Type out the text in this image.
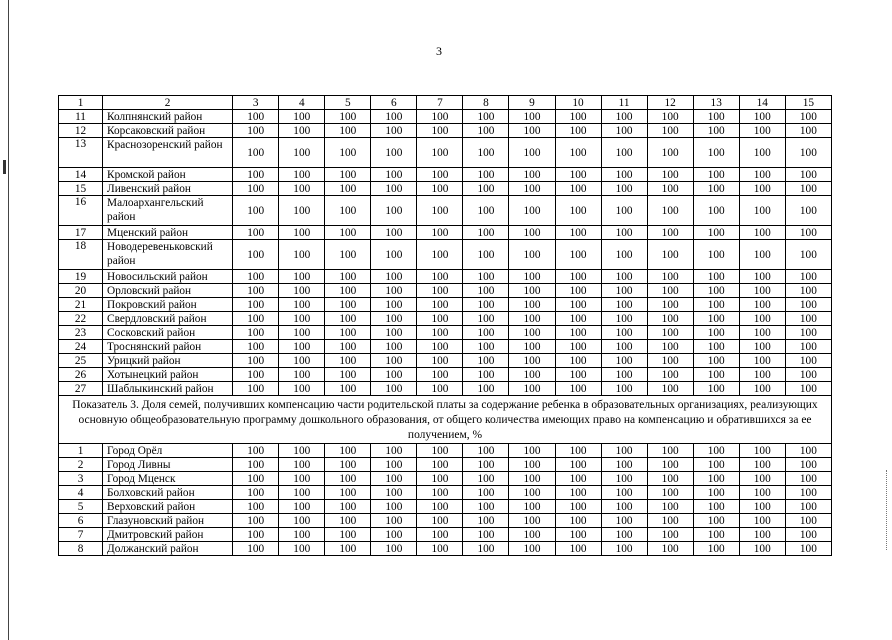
3
1	2	3	4	5	6	7	8	9	10	11	12	13	14	15
11	Колпнянский район	100	100	100	100	100	100	100	100	100	100	100	100	100
12	Корсаковский район	100	100	100	100	100	100	100	100	100	100	100	100	100
13	Краснозоренский район	100	100	100	100	100	100	100	100	100	100	100	100	100
14	Кромской район	100	100	100	100	100	100	100	100	100	100	100	100	100
15	Ливенский район	100	100	100	100	100	100	100	100	100	100	100	100	100
16	Малоархангельский район	100	100	100	100	100	100	100	100	100	100	100	100	100
17	Мценский район	100	100	100	100	100	100	100	100	100	100	100	100	100
18	Новодеревеньковский район	100	100	100	100	100	100	100	100	100	100	100	100	100
19	Новосильский район	100	100	100	100	100	100	100	100	100	100	100	100	100
20	Орловский район	100	100	100	100	100	100	100	100	100	100	100	100	100
21	Покровский район	100	100	100	100	100	100	100	100	100	100	100	100	100
22	Свердловский район	100	100	100	100	100	100	100	100	100	100	100	100	100
23	Сосковский район	100	100	100	100	100	100	100	100	100	100	100	100	100
24	Троснянский район	100	100	100	100	100	100	100	100	100	100	100	100	100
25	Урицкий район	100	100	100	100	100	100	100	100	100	100	100	100	100
26	Хотынецкий район	100	100	100	100	100	100	100	100	100	100	100	100	100
27	Шаблыкинский район	100	100	100	100	100	100	100	100	100	100	100	100	100
Показатель 3. Доля семей, получивших компенсацию части родительской платы за содержание ребенка в образовательных организациях, реализующих основную общеобразовательную программу дошкольного образования, от общего количества имеющих право на компенсацию и обратившихся за ее получением, %														
1	Город Орёл	100	100	100	100	100	100	100	100	100	100	100	100	100
2	Город Ливны	100	100	100	100	100	100	100	100	100	100	100	100	100
3	Город Мценск	100	100	100	100	100	100	100	100	100	100	100	100	100
4	Болховский район	100	100	100	100	100	100	100	100	100	100	100	100	100
5	Верховский район	100	100	100	100	100	100	100	100	100	100	100	100	100
6	Глазуновский район	100	100	100	100	100	100	100	100	100	100	100	100	100
7	Дмитровский район	100	100	100	100	100	100	100	100	100	100	100	100	100
8	Должанский район	100	100	100	100	100	100	100	100	100	100	100	100	100
